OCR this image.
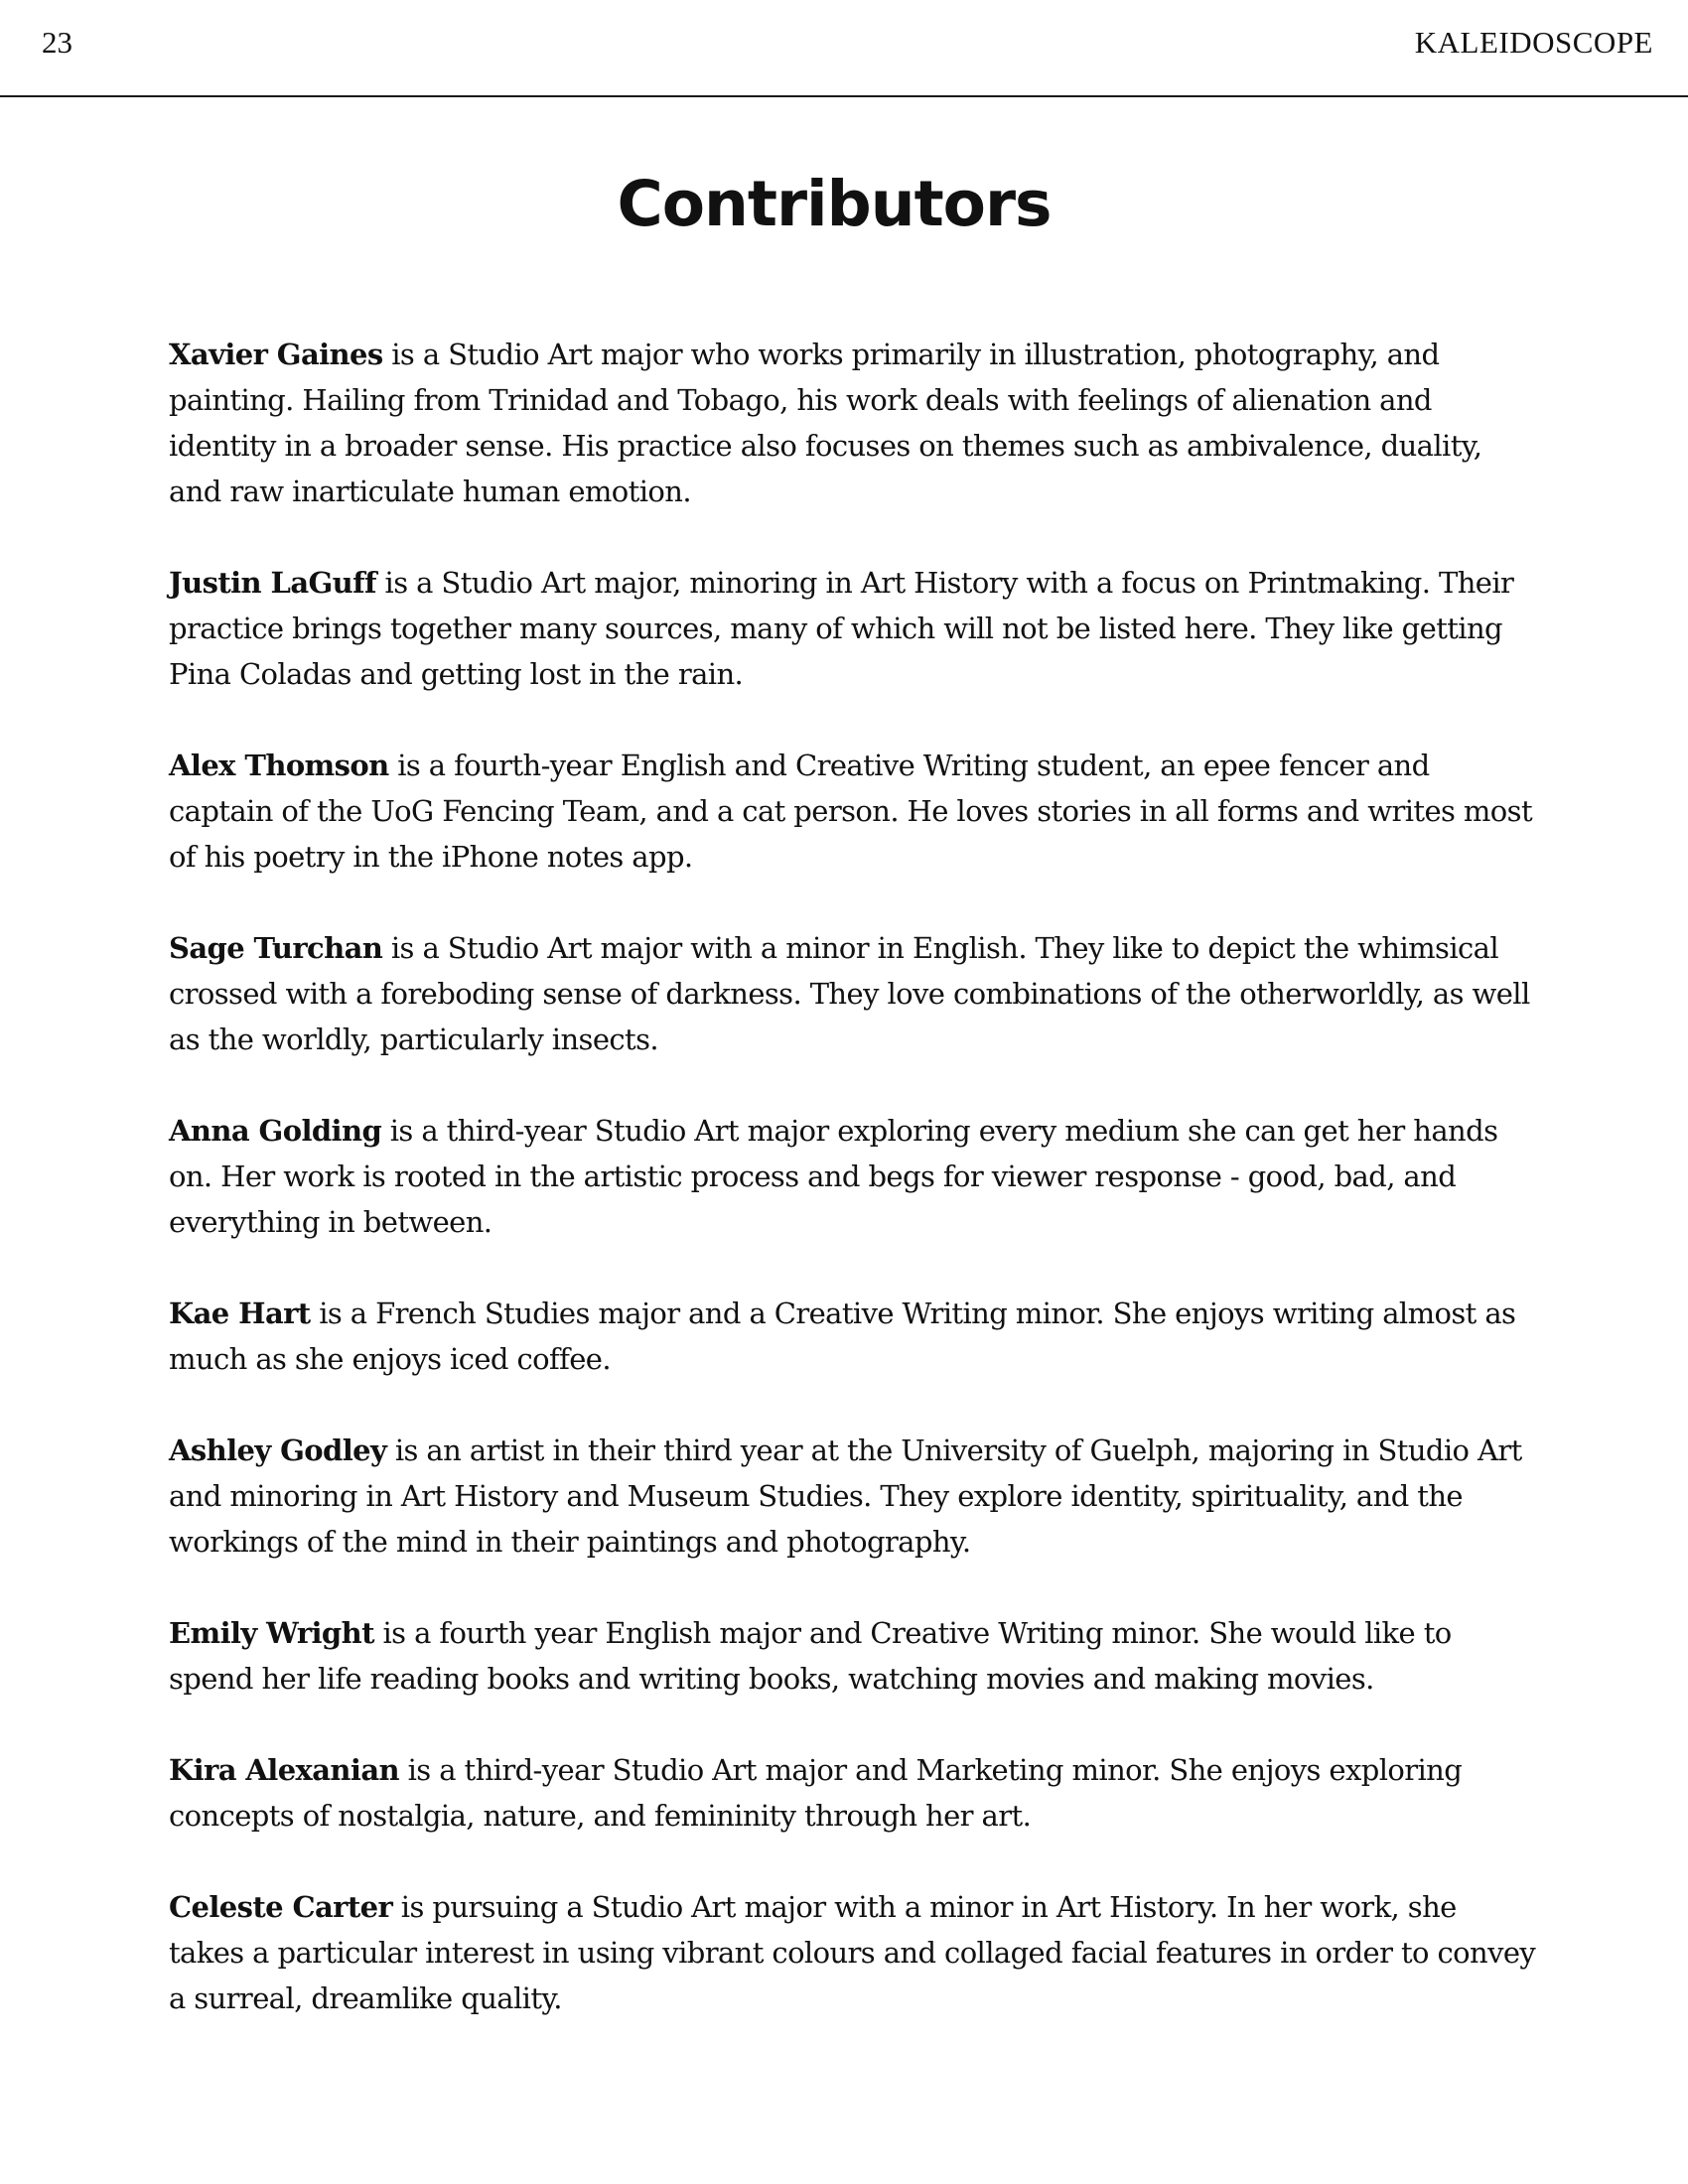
23	KALEIDOSCOPE
Contributors

Xavier Gaines is a Studio Art major who works primarily in illustration, photography, and painting. Hailing from Trinidad and Tobago, his work deals with feelings of alienation and identity in a broader sense. His practice also focuses on themes such as ambivalence, duality, and raw inarticulate human emotion.

Justin LaGuff is a Studio Art major, minoring in Art History with a focus on Printmaking. Their practice brings together many sources, many of which will not be listed here. They like getting Pina Coladas and getting lost in the rain.

Alex Thomson is a fourth-year English and Creative Writing student, an epee fencer and captain of the UoG Fencing Team, and a cat person. He loves stories in all forms and writes most of his poetry in the iPhone notes app.

Sage Turchan is a Studio Art major with a minor in English. They like to depict the whimsical crossed with a foreboding sense of darkness. They love combinations of the otherworldly, as well as the worldly, particularly insects.

Anna Golding is a third-year Studio Art major exploring every medium she can get her hands on. Her work is rooted in the artistic process and begs for viewer response - good, bad, and everything in between.

Kae Hart is a French Studies major and a Creative Writing minor. She enjoys writing almost as much as she enjoys iced coffee.

Ashley Godley is an artist in their third year at the University of Guelph, majoring in Studio Art and minoring in Art History and Museum Studies. They explore identity, spirituality, and the workings of the mind in their paintings and photography.

Emily Wright is a fourth year English major and Creative Writing minor. She would like to spend her life reading books and writing books, watching movies and making movies.

Kira Alexanian is a third-year Studio Art major and Marketing minor. She enjoys exploring concepts of nostalgia, nature, and femininity through her art.

Celeste Carter is pursuing a Studio Art major with a minor in Art History. In her work, she takes a particular interest in using vibrant colours and collaged facial features in order to convey a surreal, dreamlike quality.
